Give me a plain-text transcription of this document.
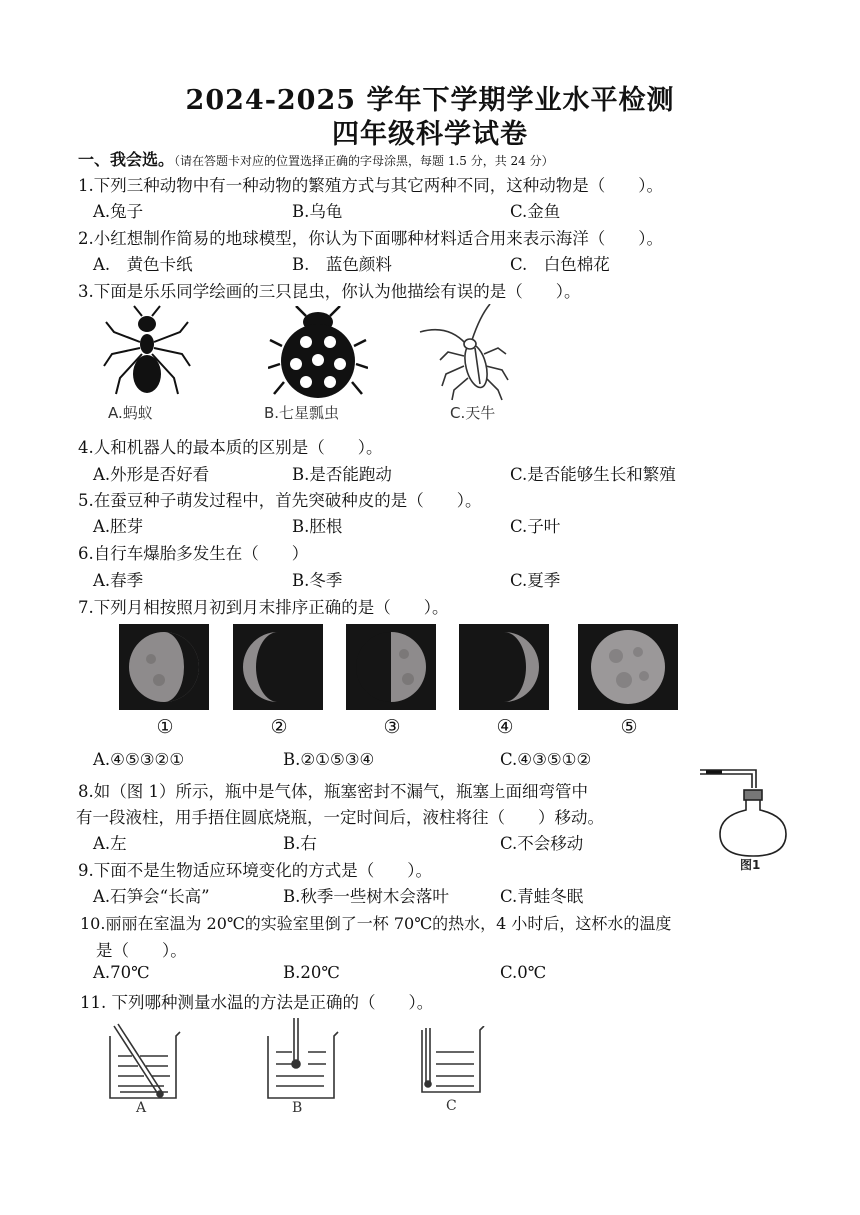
2024-2025 学年下学期学业水平检测
四年级科学试卷
一、我会选。（请在答题卡对应的位置选择正确的字母涂黑，每题 1.5 分，共 24 分）
1.下列三种动物中有一种动物的繁殖方式与其它两种不同，这种动物是（　　）。
A.兔子	B.乌龟	C.金鱼
2.小红想制作简易的地球模型，你认为下面哪种材料适合用来表示海洋（　　）。
A.　黄色卡纸	B.　蓝色颜料	C.　白色棉花
3.下面是乐乐同学绘画的三只昆虫，你认为他描绘有误的是（　　）。
A.蚂蚁	B.七星瓢虫	C.天牛
4.人和机器人的最本质的区别是（　　）。
A.外形是否好看	B.是否能跑动	C.是否能够生长和繁殖
5.在蚕豆种子萌发过程中，首先突破种皮的是（　　）。
A.胚芽	B.胚根	C.子叶
6.自行车爆胎多发生在（　　）
A.春季	B.冬季	C.夏季
7.下列月相按照月初到月末排序正确的是（　　）。
①	②	③	④	⑤
A.④⑤③②①	B.②①⑤③④	C.④③⑤①②
8.如（图 1）所示，瓶中是气体，瓶塞密封不漏气，瓶塞上面细弯管中
有一段液柱，用手捂住圆底烧瓶，一定时间后，液柱将往（　　）移动。
A.左	B.右	C.不会移动
图1
9.下面不是生物适应环境变化的方式是（　　）。
A.石笋会“长高”	B.秋季一些树木会落叶	C.青蛙冬眠
10.丽丽在室温为 20℃的实验室里倒了一杯 70℃的热水，4 小时后，这杯水的温度
是（　　）。
A.70℃	B.20℃	C.0℃
11. 下列哪种测量水温的方法是正确的（　　）。
A	B	C
